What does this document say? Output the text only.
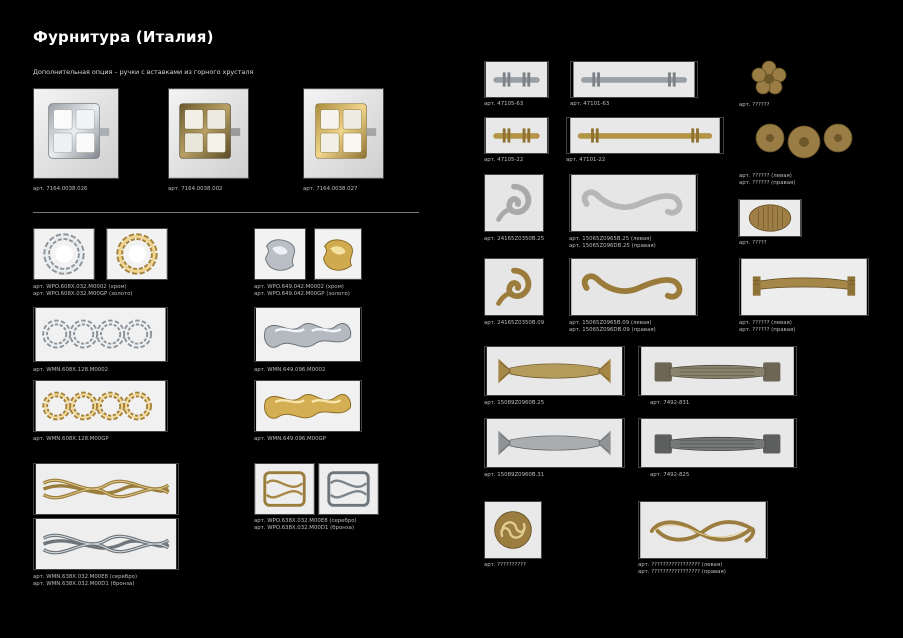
Фурнитура (Италия)
Дополнительная опция – ручки с вставками из горного хрусталя
арт. 7164.0038.026	арт. 7164.0038.002	арт. 7164.0038.027
арт. WPO.608X.032.M0002 (хром)
арт. WPO.608X.032.M00GP (золото)
арт. WPO.649.042.M0002 (хром)
арт. WPO.649.042.M00GP (золото)
арт. WMN.608X.128.M0002	арт. WMN.649.096.M0002
арт. WMN.608X.128.M00GP	арт. WMN.649.096.M00GP
арт. WMN.638X.032.M00E8 (серебро)
арт. WMN.638X.032.M00D1 (бронза)
арт. WPO.638X.032.M00E8 (серебро)
арт. WPO.638X.032.M00D1 (бронза)
арт. 47105-63	арт. 47101-63	арт. ??????
арт. 47105-22	арт. 47101-22
арт. ?????? (левая)
арт. ?????? (правая)
арт. 24165Z0350B.25	арт. 15065Z0965B.25 (левая)
арт. 15065Z096DB.25 (правая)
арт. ?????
арт. 24165Z0350B.09	арт. 15065Z0965B.09 (левая)
арт. 15065Z096DB.09 (правая)
арт. ?????? (левая)
арт. ?????? (правая)
арт. 15089Z0960B.25	арт. 7492-831
арт. 15089Z0960B.31	арт. 7492-825
арт. ??????????	арт. ????????????????? (левая)
арт. ????????????????? (правая)
